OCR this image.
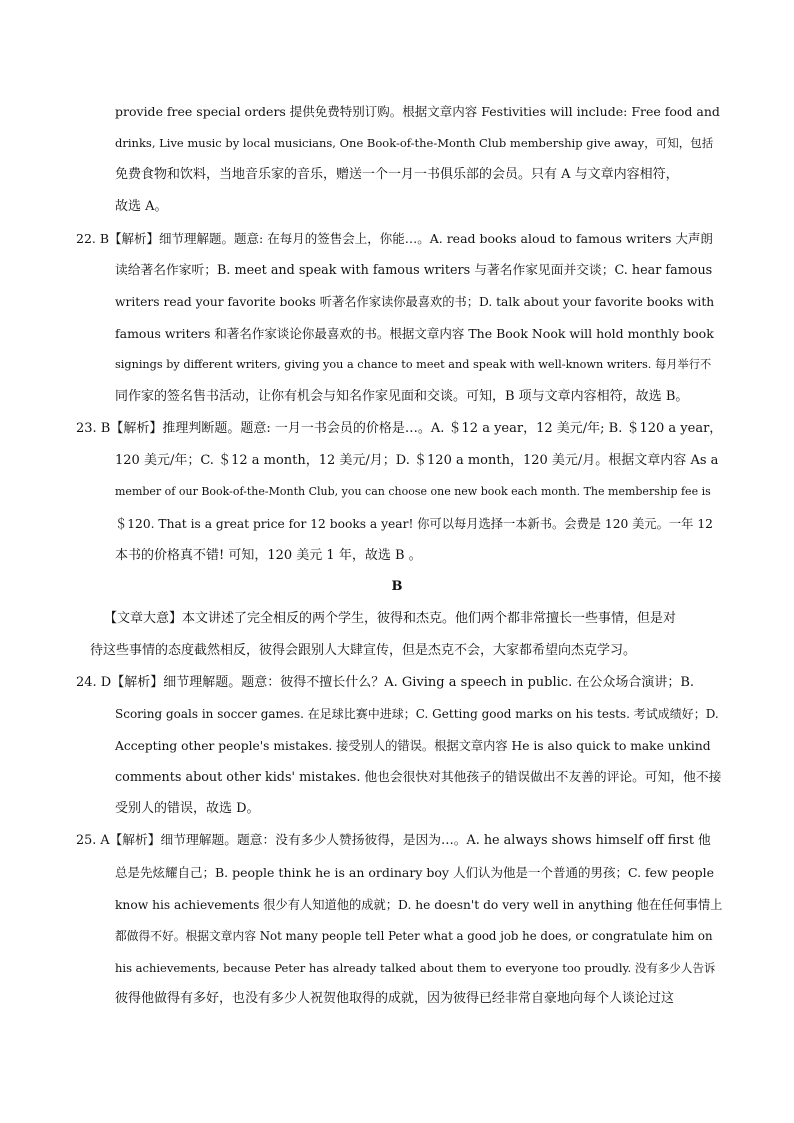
provide free special orders 提供免费特别订购。根据文章内容 Festivities will include: Free food and
drinks, Live music by local musicians, One Book-of-the-Month Club membership give away，可知，包括
免费食物和饮料，当地音乐家的音乐，赠送一个一月一书俱乐部的会员。只有 A 与文章内容相符，
故选 A。
22. B【解析】细节理解题。题意: 在每月的签售会上，你能…。A. read books aloud to famous writers 大声朗
读给著名作家听；B. meet and speak with famous writers 与著名作家见面并交谈；C. hear famous
writers read your favorite books 听著名作家读你最喜欢的书；D. talk about your favorite books with
famous writers 和著名作家谈论你最喜欢的书。根据文章内容 The Book Nook will hold monthly book
signings by different writers, giving you a chance to meet and speak with well-known writers. 每月举行不
同作家的签名售书活动，让你有机会与知名作家见面和交谈。可知，B 项与文章内容相符，故选 B。
23. B【解析】推理判断题。题意: 一月一书会员的价格是…。A. ＄12 a year，12 美元/年; B. ＄120 a year，
120 美元/年；C. ＄12 a month，12 美元/月；D. ＄120 a month，120 美元/月。根据文章内容 As a
member of our Book-of-the-Month Club, you can choose one new book each month. The membership fee is
＄120. That is a great price for 12 books a year! 你可以每月选择一本新书。会费是 120 美元。一年 12
本书的价格真不错! 可知，120 美元 1 年，故选 B 。
B
【文章大意】本文讲述了完全相反的两个学生，彼得和杰克。他们两个都非常擅长一些事情，但是对
待这些事情的态度截然相反，彼得会跟别人大肆宣传，但是杰克不会，大家都希望向杰克学习。
24. D【解析】细节理解题。题意：彼得不擅长什么？A. Giving a speech in public. 在公众场合演讲；B.
Scoring goals in soccer games. 在足球比赛中进球；C. Getting good marks on his tests. 考试成绩好；D.
Accepting other people's mistakes. 接受别人的错误。根据文章内容 He is also quick to make unkind
comments about other kids' mistakes. 他也会很快对其他孩子的错误做出不友善的评论。可知，他不接
受别人的错误，故选 D。
25. A【解析】细节理解题。题意：没有多少人赞扬彼得，是因为…。A. he always shows himself off first 他
总是先炫耀自己；B. people think he is an ordinary boy 人们认为他是一个普通的男孩；C. few people
know his achievements 很少有人知道他的成就；D. he doesn't do very well in anything 他在任何事情上
都做得不好。根据文章内容 Not many people tell Peter what a good job he does, or congratulate him on
his achievements, because Peter has already talked about them to everyone too proudly. 没有多少人告诉
彼得他做得有多好，也没有多少人祝贺他取得的成就，因为彼得已经非常自豪地向每个人谈论过这
